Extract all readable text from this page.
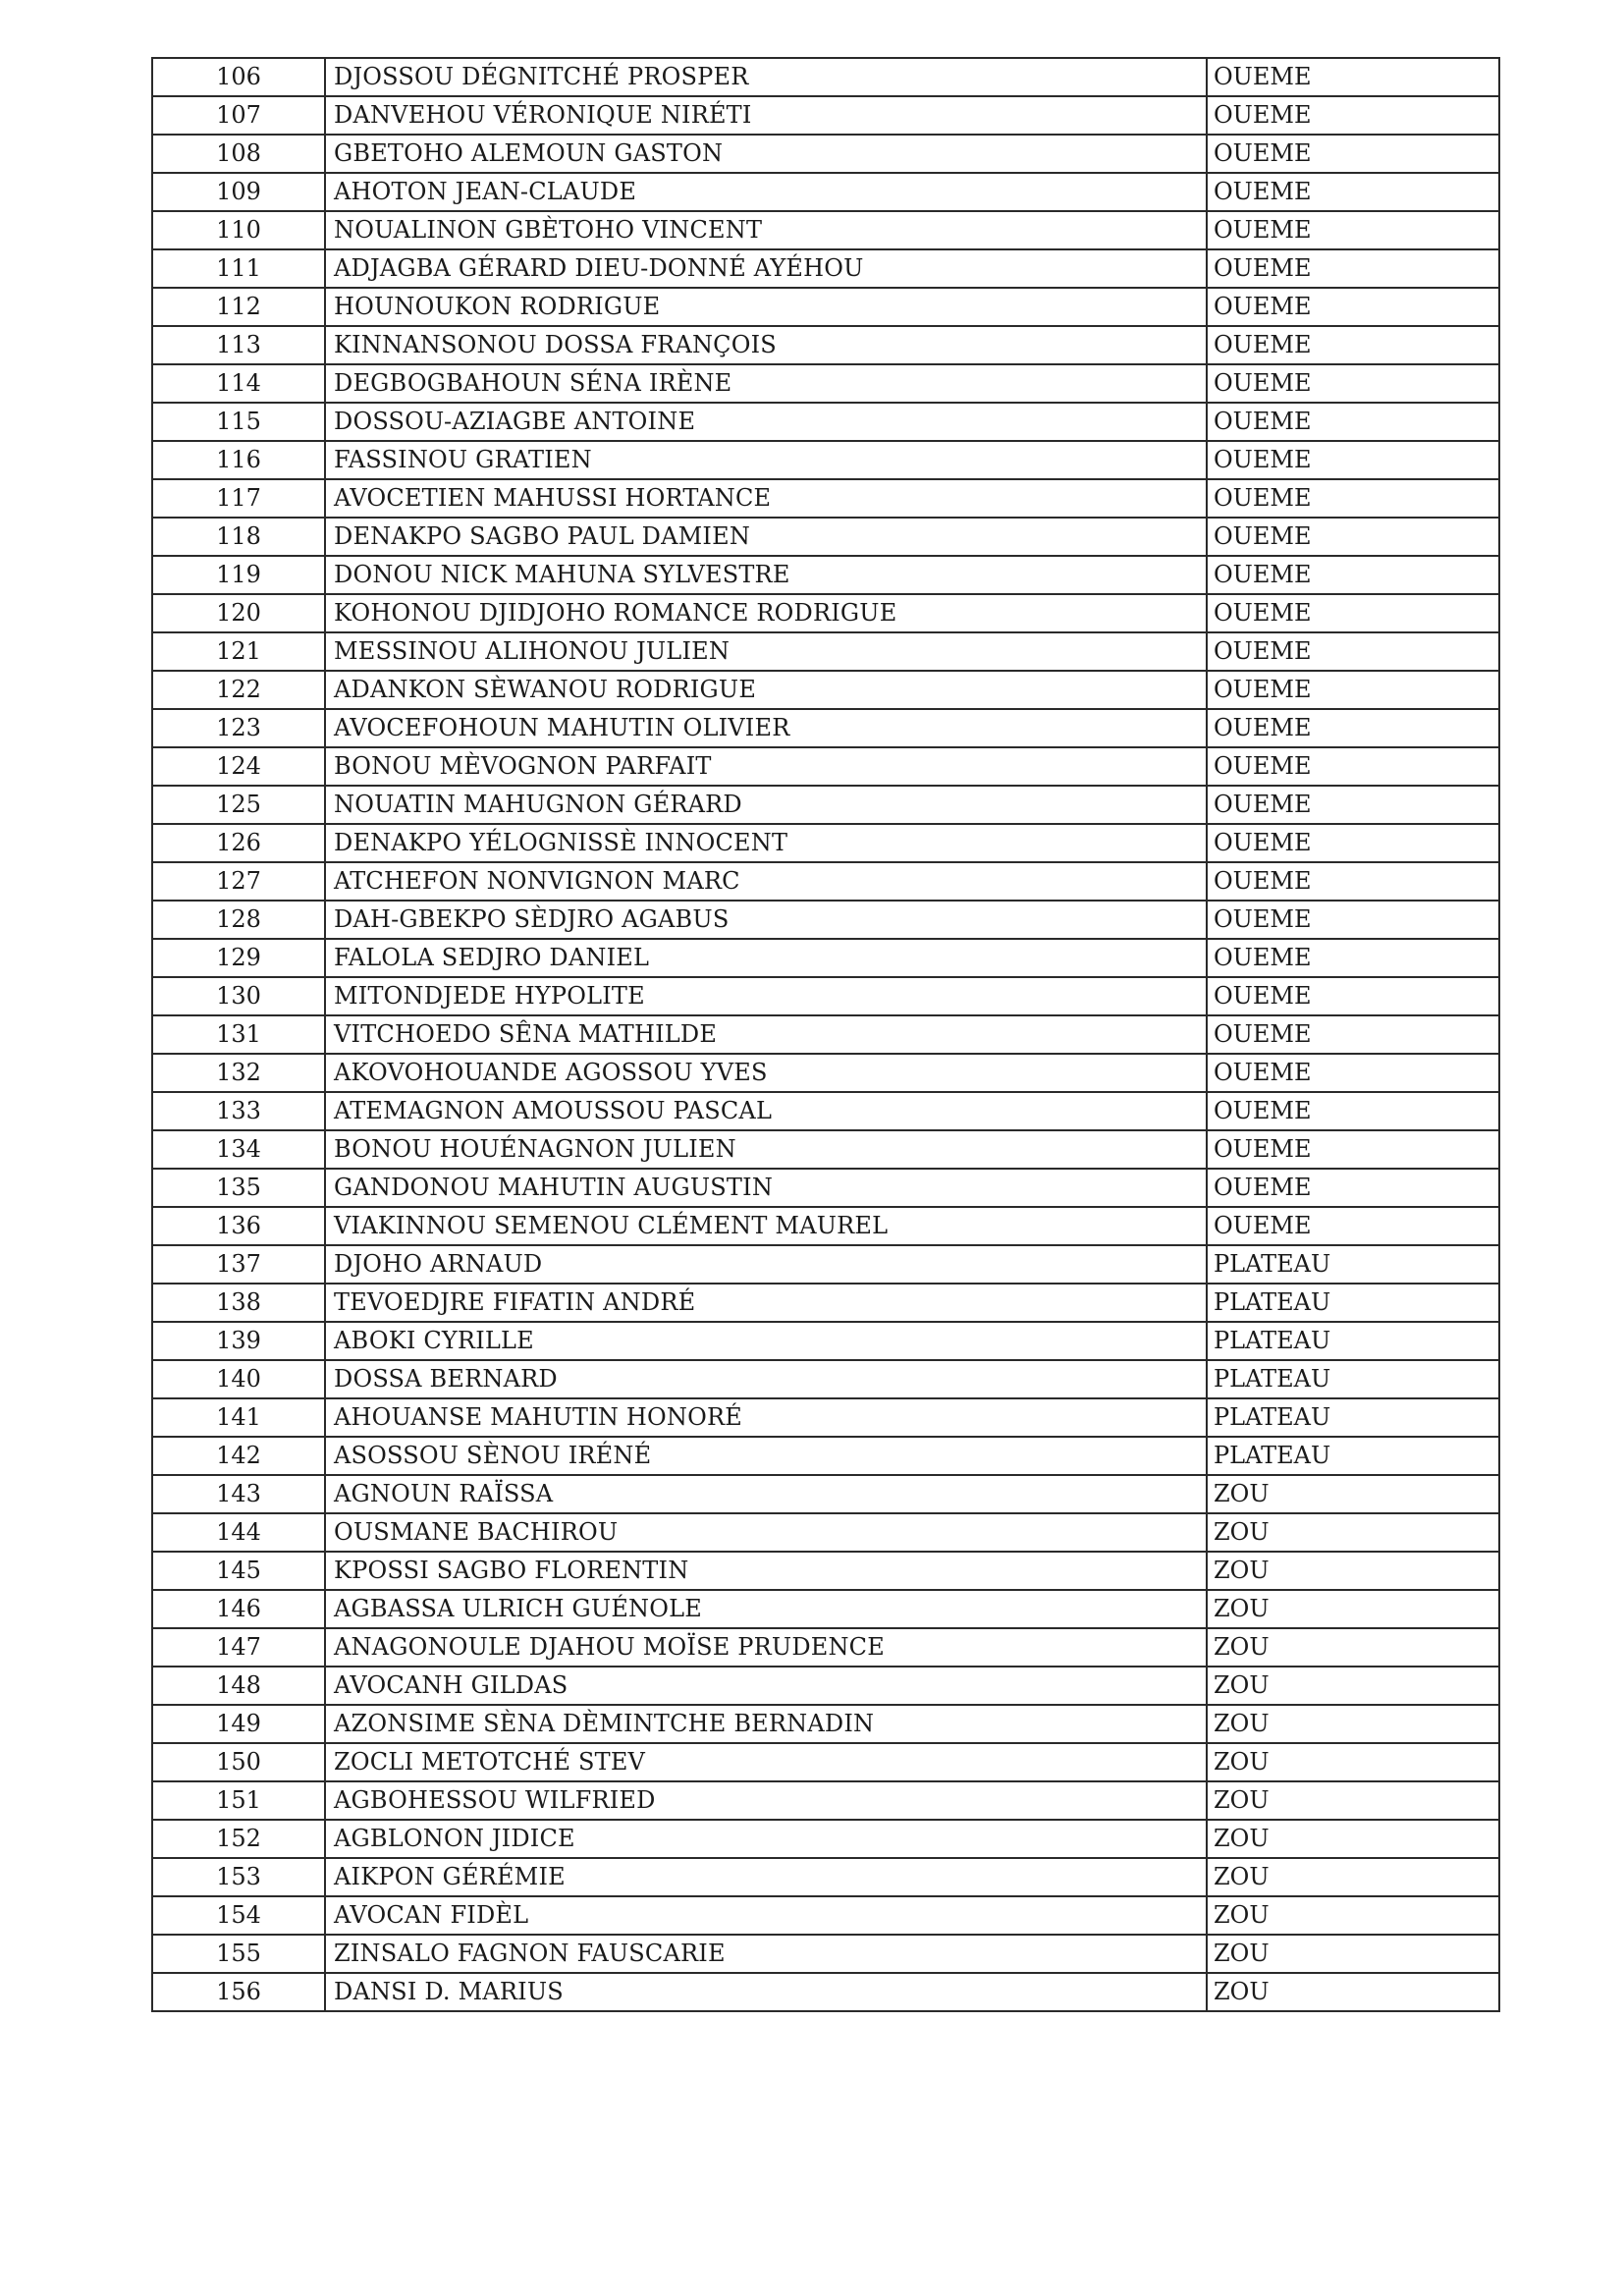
106	DJOSSOU DÉGNITCHÉ PROSPER	OUEME
107	DANVEHOU VÉRONIQUE NIRÉTI	OUEME
108	GBETOHO ALEMOUN GASTON	OUEME
109	AHOTON JEAN-CLAUDE	OUEME
110	NOUALINON GBÈTOHO VINCENT	OUEME
111	ADJAGBA GÉRARD DIEU-DONNÉ AYÉHOU	OUEME
112	HOUNOUKON RODRIGUE	OUEME
113	KINNANSONOU DOSSA FRANÇOIS	OUEME
114	DEGBOGBAHOUN SÉNA IRÈNE	OUEME
115	DOSSOU-AZIAGBE ANTOINE	OUEME
116	FASSINOU GRATIEN	OUEME
117	AVOCETIEN MAHUSSI HORTANCE	OUEME
118	DENAKPO SAGBO PAUL DAMIEN	OUEME
119	DONOU NICK MAHUNA SYLVESTRE	OUEME
120	KOHONOU DJIDJOHO ROMANCE RODRIGUE	OUEME
121	MESSINOU ALIHONOU JULIEN	OUEME
122	ADANKON SÈWANOU RODRIGUE	OUEME
123	AVOCEFOHOUN MAHUTIN OLIVIER	OUEME
124	BONOU MÈVOGNON PARFAIT	OUEME
125	NOUATIN MAHUGNON GÉRARD	OUEME
126	DENAKPO YÉLOGNISSÈ INNOCENT	OUEME
127	ATCHEFON NONVIGNON MARC	OUEME
128	DAH-GBEKPO SÈDJRO AGABUS	OUEME
129	FALOLA SEDJRO DANIEL	OUEME
130	MITONDJEDE HYPOLITE	OUEME
131	VITCHOEDO SÊNA MATHILDE	OUEME
132	AKOVOHOUANDE AGOSSOU YVES	OUEME
133	ATEMAGNON AMOUSSOU PASCAL	OUEME
134	BONOU HOUÉNAGNON JULIEN	OUEME
135	GANDONOU MAHUTIN AUGUSTIN	OUEME
136	VIAKINNOU SEMENOU CLÉMENT MAUREL	OUEME
137	DJOHO ARNAUD	PLATEAU
138	TEVOEDJRE FIFATIN ANDRÉ	PLATEAU
139	ABOKI CYRILLE	PLATEAU
140	DOSSA BERNARD	PLATEAU
141	AHOUANSE MAHUTIN HONORÉ	PLATEAU
142	ASOSSOU SÈNOU IRÉNÉ	PLATEAU
143	AGNOUN RAÏSSA	ZOU
144	OUSMANE BACHIROU	ZOU
145	KPOSSI SAGBO FLORENTIN	ZOU
146	AGBASSA ULRICH GUÉNOLE	ZOU
147	ANAGONOULE DJAHOU MOÏSE PRUDENCE	ZOU
148	AVOCANH GILDAS	ZOU
149	AZONSIME SÈNA DÈMINTCHE BERNADIN	ZOU
150	ZOCLI METOTCHÉ STEV	ZOU
151	AGBOHESSOU WILFRIED	ZOU
152	AGBLONON JIDICE	ZOU
153	AIKPON GÉRÉMIE	ZOU
154	AVOCAN FIDÈL	ZOU
155	ZINSALO FAGNON FAUSCARIE	ZOU
156	DANSI D. MARIUS	ZOU
